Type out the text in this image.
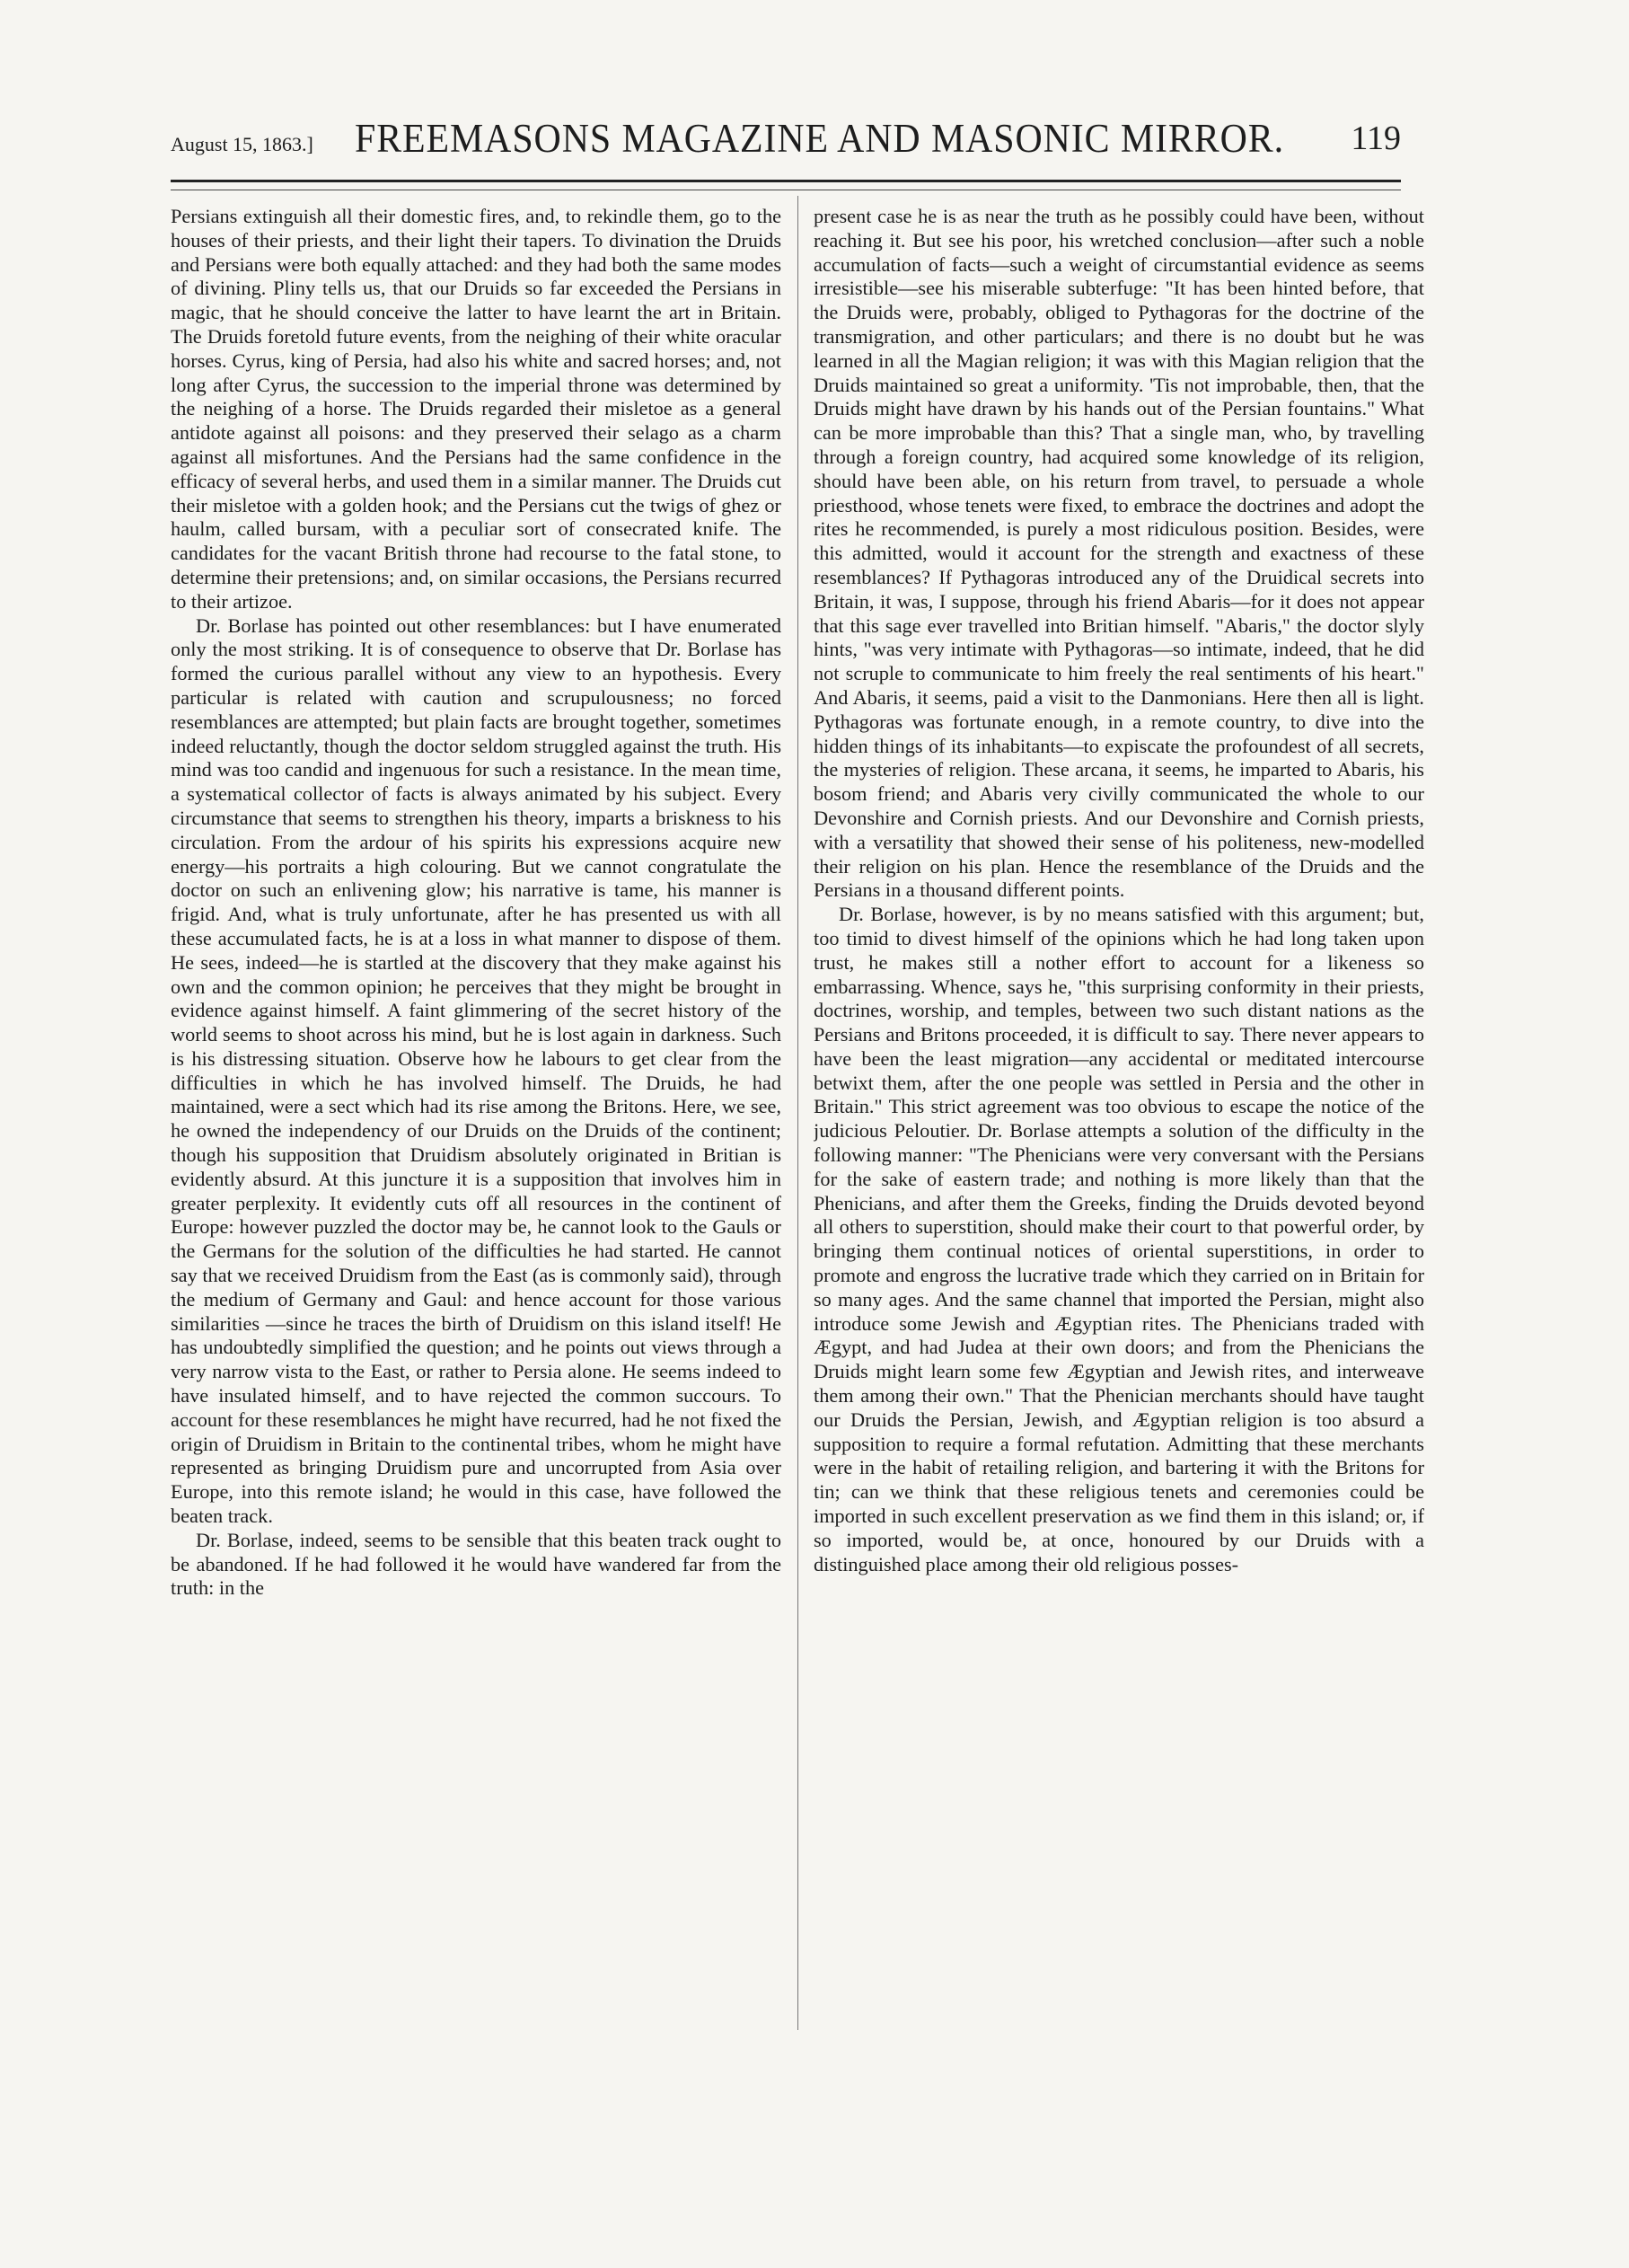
August 15, 1863.] FREEMASONS MAGAZINE AND MASONIC MIRROR. 119

Persians extinguish all their domestic fires, and, to rekindle them, go to the houses of their priests, and their light their tapers. To divination the Druids and Persians were both equally attached: and they had both the same modes of divining. Pliny tells us, that our Druids so far exceeded the Persians in magic, that he should conceive the latter to have learnt the art in Britain. The Druids foretold future events, from the neighing of their white oracular horses. Cyrus, king of Persia, had also his white and sacred horses; and, not long after Cyrus, the succession to the imperial throne was determined by the neighing of a horse. The Druids regarded their misletoe as a general antidote against all poisons: and they preserved their selago as a charm against all misfortunes. And the Persians had the same confidence in the efficacy of several herbs, and used them in a similar manner. The Druids cut their misletoe with a golden hook; and the Persians cut the twigs of ghez or haulm, called bursam, with a peculiar sort of consecrated knife. The candidates for the vacant British throne had recourse to the fatal stone, to determine their pretensions; and, on similar occasions, the Persians recurred to their artizoe.

Dr. Borlase has pointed out other resemblances: but I have enumerated only the most striking. It is of consequence to observe that Dr. Borlase has formed the curious parallel without any view to an hypothesis. Every particular is related with caution and scrupulousness; no forced resemblances are attempted; but plain facts are brought together, sometimes indeed reluctantly, though the doctor seldom struggled against the truth. His mind was too candid and ingenuous for such a resistance. In the mean time, a systematical collector of facts is always animated by his subject. Every circumstance that seems to strengthen his theory, imparts a briskness to his circulation. From the ardour of his spirits his expressions acquire new energy—his portraits a high colouring. But we cannot congratulate the doctor on such an enlivening glow; his narrative is tame, his manner is frigid. And, what is truly unfortunate, after he has presented us with all these accumulated facts, he is at a loss in what manner to dispose of them. He sees, indeed—he is startled at the discovery that they make against his own and the common opinion; he perceives that they might be brought in evidence against himself. A faint glimmering of the secret history of the world seems to shoot across his mind, but he is lost again in darkness. Such is his distressing situation. Observe how he labours to get clear from the difficulties in which he has involved himself. The Druids, he had maintained, were a sect which had its rise among the Britons. Here, we see, he owned the independency of our Druids on the Druids of the continent; though his supposition that Druidism absolutely originated in Britian is evidently absurd. At this juncture it is a supposition that involves him in greater perplexity. It evidently cuts off all resources in the continent of Europe: however puzzled the doctor may be, he cannot look to the Gauls or the Germans for the solution of the difficulties he had started. He cannot say that we received Druidism from the East (as is commonly said), through the medium of Germany and Gaul: and hence account for those various similarities —since he traces the birth of Druidism on this island itself! He has undoubtedly simplified the question; and he points out views through a very narrow vista to the East, or rather to Persia alone. He seems indeed to have insulated himself, and to have rejected the common succours. To account for these resemblances he might have recurred, had he not fixed the origin of Druidism in Britain to the continental tribes, whom he might have represented as bringing Druidism pure and uncorrupted from Asia over Europe, into this remote island; he would in this case, have followed the beaten track.

Dr. Borlase, indeed, seems to be sensible that this beaten track ought to be abandoned. If he had followed it he would have wandered far from the truth: in the

present case he is as near the truth as he possibly could have been, without reaching it. But see his poor, his wretched conclusion—after such a noble accumulation of facts—such a weight of circumstantial evidence as seems irresistible—see his miserable subterfuge: "It has been hinted before, that the Druids were, probably, obliged to Pythagoras for the doctrine of the transmigration, and other particulars; and there is no doubt but he was learned in all the Magian religion; it was with this Magian religion that the Druids maintained so great a uniformity. 'Tis not improbable, then, that the Druids might have drawn by his hands out of the Persian fountains." What can be more improbable than this? That a single man, who, by travelling through a foreign country, had acquired some knowledge of its religion, should have been able, on his return from travel, to persuade a whole priesthood, whose tenets were fixed, to embrace the doctrines and adopt the rites he recommended, is purely a most ridiculous position. Besides, were this admitted, would it account for the strength and exactness of these resemblances? If Pythagoras introduced any of the Druidical secrets into Britain, it was, I suppose, through his friend Abaris—for it does not appear that this sage ever travelled into Britian himself. "Abaris," the doctor slyly hints, "was very intimate with Pythagoras—so intimate, indeed, that he did not scruple to communicate to him freely the real sentiments of his heart." And Abaris, it seems, paid a visit to the Danmonians. Here then all is light. Pythagoras was fortunate enough, in a remote country, to dive into the hidden things of its inhabitants—to expiscate the profoundest of all secrets, the mysteries of religion. These arcana, it seems, he imparted to Abaris, his bosom friend; and Abaris very civilly communicated the whole to our Devonshire and Cornish priests. And our Devonshire and Cornish priests, with a versatility that showed their sense of his politeness, new-modelled their religion on his plan. Hence the resemblance of the Druids and the Persians in a thousand different points.

Dr. Borlase, however, is by no means satisfied with this argument; but, too timid to divest himself of the opinions which he had long taken upon trust, he makes still a nother effort to account for a likeness so embarrassing. Whence, says he, "this surprising conformity in their priests, doctrines, worship, and temples, between two such distant nations as the Persians and Britons proceeded, it is difficult to say. There never appears to have been the least migration—any accidental or meditated intercourse betwixt them, after the one people was settled in Persia and the other in Britain." This strict agreement was too obvious to escape the notice of the judicious Peloutier. Dr. Borlase attempts a solution of the difficulty in the following manner: "The Phenicians were very conversant with the Persians for the sake of eastern trade; and nothing is more likely than that the Phenicians, and after them the Greeks, finding the Druids devoted beyond all others to superstition, should make their court to that powerful order, by bringing them continual notices of oriental superstitions, in order to promote and engross the lucrative trade which they carried on in Britain for so many ages. And the same channel that imported the Persian, might also introduce some Jewish and Ægyptian rites. The Phenicians traded with Ægypt, and had Judea at their own doors; and from the Phenicians the Druids might learn some few Ægyptian and Jewish rites, and interweave them among their own." That the Phenician merchants should have taught our Druids the Persian, Jewish, and Ægyptian religion is too absurd a supposition to require a formal refutation. Admitting that these merchants were in the habit of retailing religion, and bartering it with the Britons for tin; can we think that these religious tenets and ceremonies could be imported in such excellent preservation as we find them in this island; or, if so imported, would be, at once, honoured by our Druids with a distinguished place among their old religious posses-
